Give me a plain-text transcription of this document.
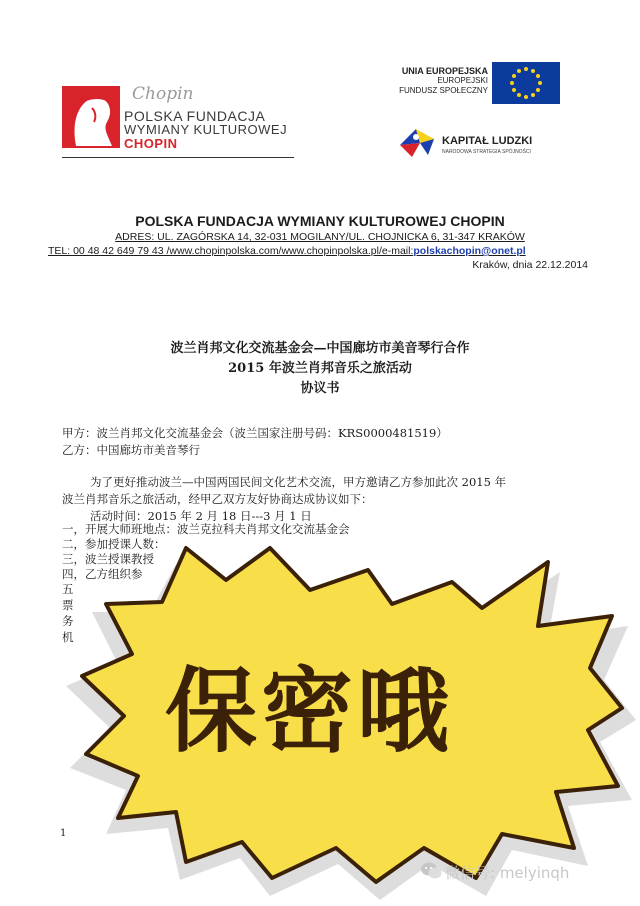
Chopin
POLSKA FUNDACJA
WYMIANY KULTUROWEJ
CHOPIN
UNIA EUROPEJSKA
EUROPEJSKI
FUNDUSZ SPOŁECZNY
KAPITAŁ LUDZKI
NARODOWA STRATEGIA SPÓJNOŚCI
POLSKA FUNDACJA WYMIANY KULTUROWEJ CHOPIN
ADRES: UL. ZAGÓRSKA 14, 32-031 MOGILANY/UL. CHOJNICKA 6, 31-347 KRAKÓW
TEL: 00 48 42 649 79 43 /www.chopinpolska.com/www.chopinpolska.pl/e-mail:polskachopin@onet.pl
Kraków, dnia 22.12.2014
波兰肖邦文化交流基金会—中国廊坊市美音琴行合作
2015 年波兰肖邦音乐之旅活动
协议书
甲方：波兰肖邦文化交流基金会（波兰国家注册号码：KRS0000481519）
乙方：中国廊坊市美音琴行
为了更好推动波兰—中国两国民间文化艺术交流，甲方邀请乙方参加此次 2015 年
波兰肖邦音乐之旅活动，经甲乙双方友好协商达成协议如下：
活动时间：2015 年 2 月 18 日---3 月 1 日
一，开展大师班地点：波兰克拉科夫肖邦文化交流基金会
二，参加授课人数：
三，波兰授课教授
四，乙方组织参
五
票
务
机
1
保密哦
微信号: melyinqh
